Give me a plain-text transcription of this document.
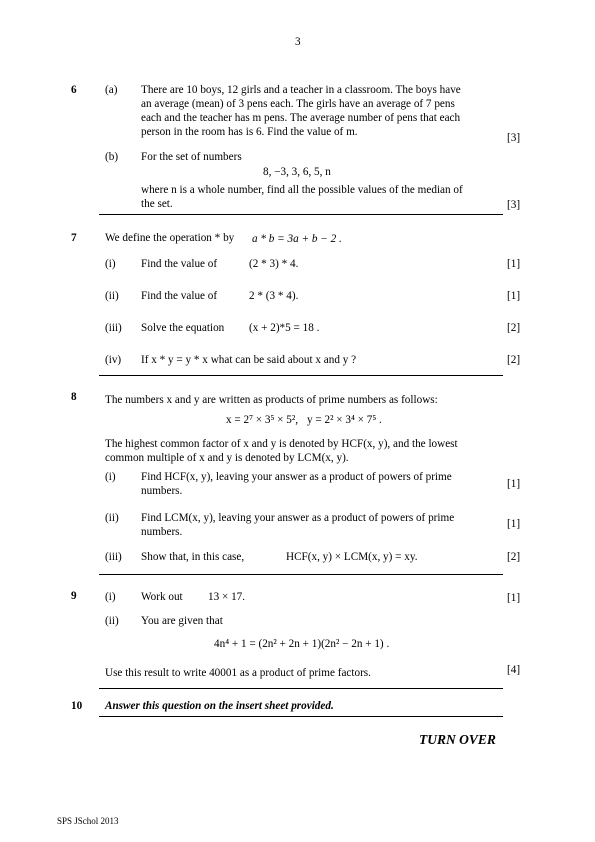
3
6	(a) There are 10 boys, 12 girls and a teacher in a classroom. The boys have
an average (mean) of 3 pens each. The girls have an average of 7 pens
each and the teacher has m pens. The average number of pens that each
person in the room has is 6. Find the value of m.	[3]
(b) For the set of numbers
8, −3, 3, 6, 5, n
where n is a whole number, find all the possible values of the median of
the set.	[3]
7	We define the operation * by a * b = 3a + b − 2 .
(i) Find the value of	(2 * 3) * 4.	[1]
(ii) Find the value of	2 * (3 * 4).	[1]
(iii) Solve the equation (x + 2)*5 = 18 .	[2]
(iv) If x * y = y * x what can be said about x and y ?	[2]
8	The numbers x and y are written as products of prime numbers as follows:
x = 2⁷ × 3⁵ × 5², y = 2² × 3⁴ × 7⁵ .
The highest common factor of x and y is denoted by HCF(x, y), and the lowest
common multiple of x and y is denoted by LCM(x, y).
(i) Find HCF(x, y), leaving your answer as a product of powers of prime
numbers.
[1]
(ii) Find LCM(x, y), leaving your answer as a product of powers of prime
numbers.
[1]
(iii) Show that, in this case,	HCF(x, y) × LCM(x, y) = xy.	[2]
9	(i) Work out 13 × 17.	[1]
(ii) You are given that
4n⁴ + 1 = (2n² + 2n + 1)(2n² − 2n + 1) .
Use this result to write 40001 as a product of prime factors.	[4]
10 Answer this question on the insert sheet provided.
TURN OVER
SPS JSchol 2013
